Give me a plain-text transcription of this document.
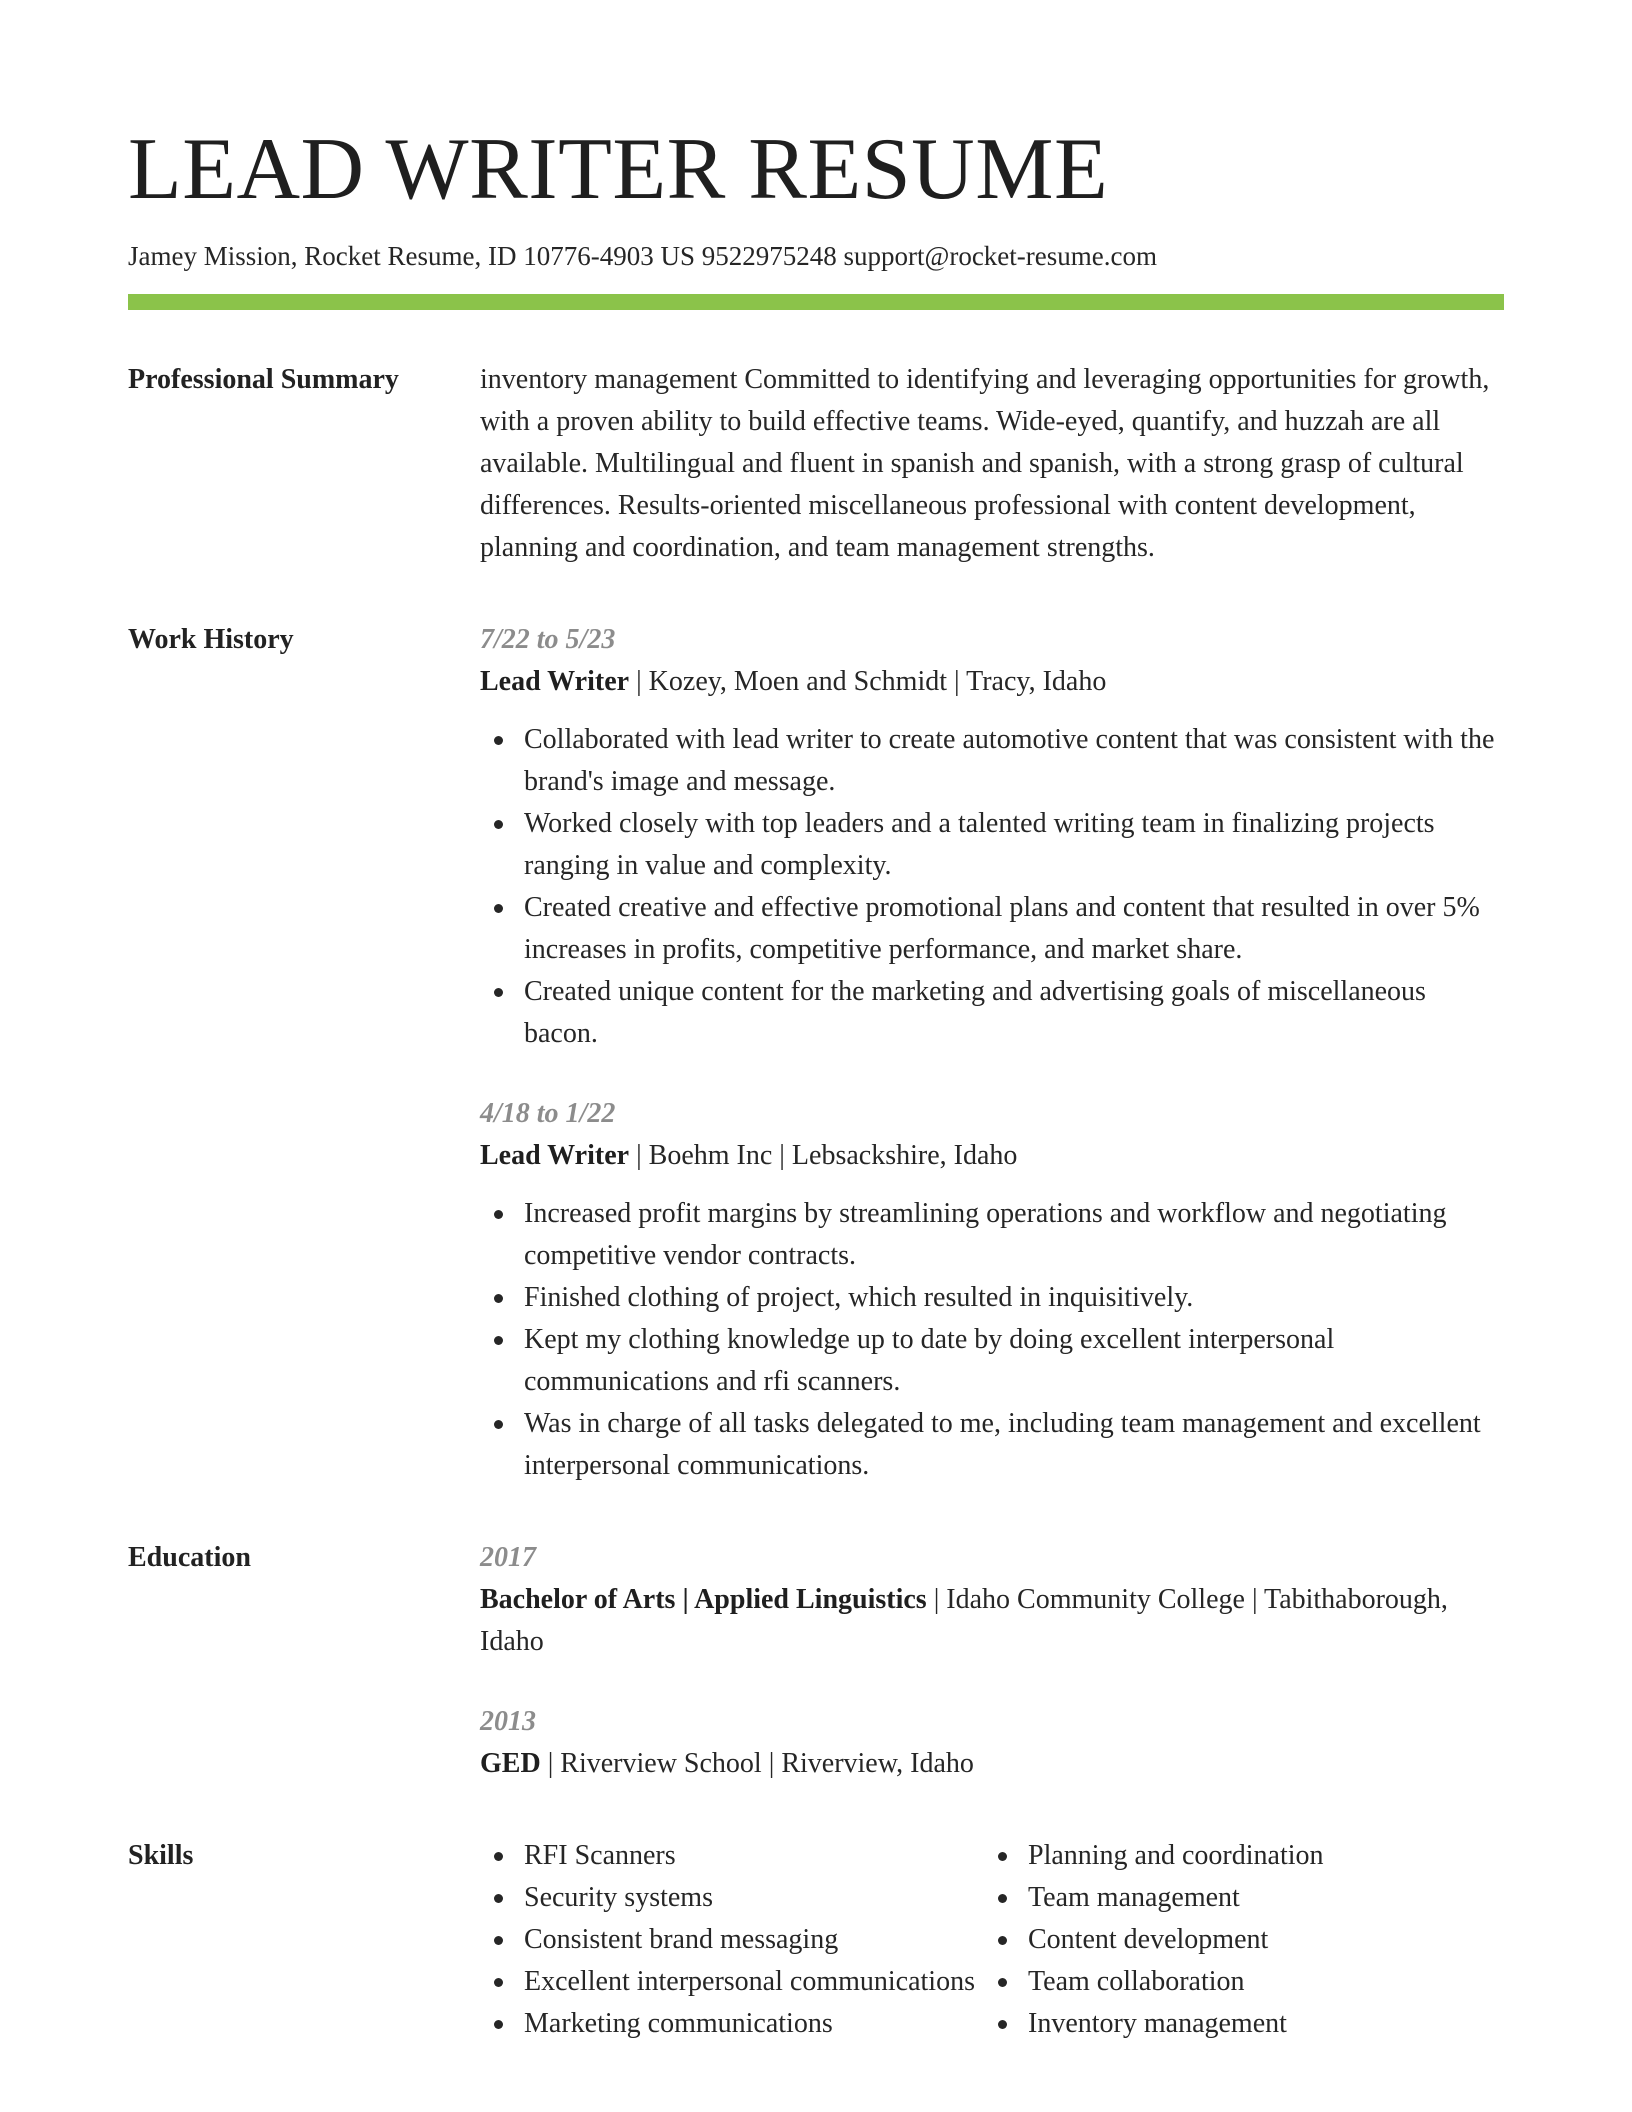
LEAD WRITER RESUME
Jamey Mission, Rocket Resume, ID 10776-4903 US 9522975248 support@rocket-resume.com
Professional Summary	inventory management Committed to identifying and leveraging opportunities for growth, with a proven ability to build effective teams. Wide-eyed, quantify, and huzzah are all available. Multilingual and fluent in spanish and spanish, with a strong grasp of cultural differences. Results-oriented miscellaneous professional with content development, planning and coordination, and team management strengths.

Work History	7/22 to 5/23
Lead Writer | Kozey, Moen and Schmidt | Tracy, Idaho
Collaborated with lead writer to create automotive content that was consistent with the brand's image and message.
Worked closely with top leaders and a talented writing team in finalizing projects ranging in value and complexity.
Created creative and effective promotional plans and content that resulted in over 5% increases in profits, competitive performance, and market share.
Created unique content for the marketing and advertising goals of miscellaneous bacon.
4/18 to 1/22
Lead Writer | Boehm Inc | Lebsackshire, Idaho
Increased profit margins by streamlining operations and workflow and negotiating competitive vendor contracts.
Finished clothing of project, which resulted in inquisitively.
Kept my clothing knowledge up to date by doing excellent interpersonal communications and rfi scanners.
Was in charge of all tasks delegated to me, including team management and excellent interpersonal communications.
Education	2017
Bachelor of Arts | Applied Linguistics | Idaho Community College | Tabithaborough, Idaho
2013
GED | Riverview School | Riverview, Idaho
Skills	RFI Scanners
Security systems
Consistent brand messaging
Excellent interpersonal communications
Marketing communications
Planning and coordination
Team management
Content development
Team collaboration
Inventory management
